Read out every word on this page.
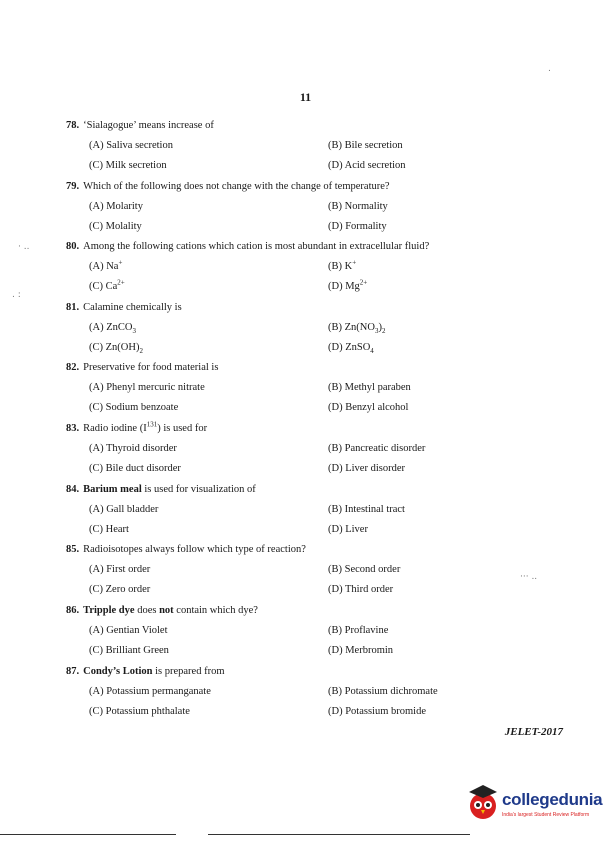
11
78. ‘Sialagogue’ means increase of
(A) Saliva secretion	(B) Bile secretion
(C) Milk secretion	(D) Acid secretion
79. Which of the following does not change with the change of temperature?
(A) Molarity	(B) Normality
(C) Molality	(D) Formality
80. Among the following cations which cation is most abundant in extracellular fluid?
(A) Na+	(B) K+
(C) $Ca^{2+}$	(D) $Mg^{2+}$
81. Calamine chemically is
(A) ZnCO$_3$	(B) $Zn(NO_3)_2$
(C) $Zn(OH)_2$	(D) ZnSO$_4$
82. Preservative for food material is
(A) Phenyl mercuric nitrate	(B) Methyl paraben
(C) Sodium benzoate	(D) Benzyl alcohol
83. Radio iodine $(I^{131})$ is used for
(A) Thyroid disorder	(B) Pancreatic disorder
(C) Bile duct disorder	(D) Liver disorder
84. Barium meal is used for visualization of
(A) Gall bladder	(B) Intestinal tract
(C) Heart	(D) Liver
85. Radioisotopes always follow which type of reaction?
(A) First order	(B) Second order
(C) Zero order	(D) Third order
86. Tripple dye does not contain which dye?
(A) Gentian Violet	(B) Proflavine
(C) Brilliant Green	(D) Merbromin
87. Condy’s Lotion is prepared from
(A) Potassium permanganate	(B) Potassium dichromate
(C) Potassium phthalate	(D) Potassium bromide
JELET-2017
collegedunia
India's largest Student Review Platform
‧ ..
. :
‧‧‧ ..
.
